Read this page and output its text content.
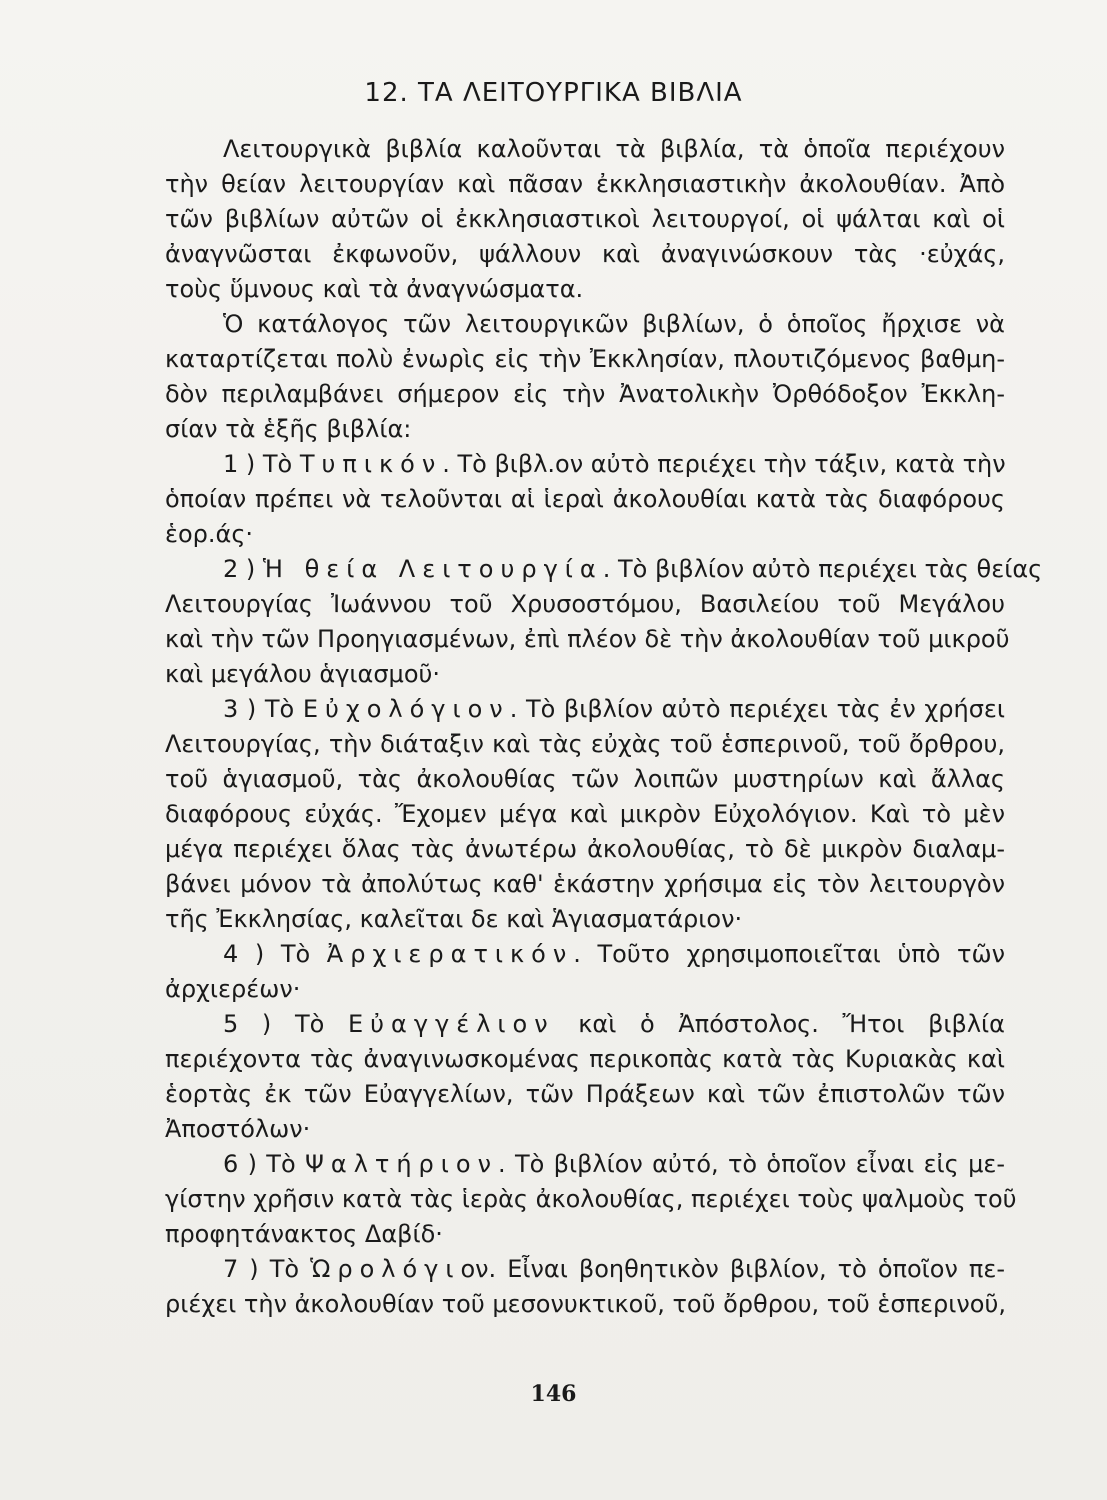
12. ΤΑ ΛΕΙΤΟΥΡΓΙΚΑ ΒΙΒΛΙΑ
Λειτουργικὰ βιβλία καλοῦνται τὰ βιβλία, τὰ ὁποῖα περιέχουν
τὴν θείαν λειτουργίαν καὶ πᾶσαν ἐκκλησιαστικὴν ἀκολουθίαν. Ἀπὸ
τῶν βιβλίων αὐτῶν οἱ ἐκκλησιαστικοὶ λειτουργοί, οἱ ψάλται καὶ οἱ
ἀναγνῶσται ἐκφωνοῦν, ψάλλουν καὶ ἀναγινώσκουν τὰς ·εὐχάς,
τοὺς ὕμνους καὶ τὰ ἀναγνώσματα.
Ὁ κατάλογος τῶν λειτουργικῶν βιβλίων, ὁ ὁποῖος ἤρχισε νὰ
καταρτίζεται πολὺ ἐνωρὶς εἰς τὴν Ἐκκλησίαν, πλουτιζόμενος βαθμη-
δὸν περιλαμβάνει σήμερον εἰς τὴν Ἀνατολικὴν Ὀρθόδοξον Ἐκκλη-
σίαν τὰ ἑξῆς βιβλία:
1 ) Τὸ Τυπικόν. Τὸ βιβλ.ον αὐτὸ περιέχει τὴν τάξιν, κατὰ τὴν
ὁποίαν πρέπει νὰ τελοῦνται αἱ ἱεραὶ ἀκολουθίαι κατὰ τὰς διαφόρους
ἑορ.άς·
2 ) Ἡ θεία Λειτουργία. Τὸ βιβλίον αὐτὸ περιέχει τὰς θείας
Λειτουργίας Ἰωάννου τοῦ Χρυσοστόμου, Βασιλείου τοῦ Μεγάλου
καὶ τὴν τῶν Προηγιασμένων, ἐπὶ πλέον δὲ τὴν ἀκολουθίαν τοῦ μικροῦ
καὶ μεγάλου ἁγιασμοῦ·
3 ) Τὸ Εὐχολόγιον. Τὸ βιβλίον αὐτὸ περιέχει τὰς ἐν χρήσει
Λειτουργίας, τὴν διάταξιν καὶ τὰς εὐχὰς τοῦ ἑσπερινοῦ, τοῦ ὄρθρου,
τοῦ ἁγιασμοῦ, τὰς ἀκολουθίας τῶν λοιπῶν μυστηρίων καὶ ἄλλας
διαφόρους εὐχάς. Ἔχομεν μέγα καὶ μικρὸν Εὐχολόγιον. Καὶ τὸ μὲν
μέγα περιέχει ὅλας τὰς ἀνωτέρω ἀκολουθίας, τὸ δὲ μικρὸν διαλαμ-
βάνει μόνον τὰ ἀπολύτως καθ' ἑκάστην χρήσιμα εἰς τὸν λειτουργὸν
τῆς Ἐκκλησίας, καλεῖται δε καὶ Ἁγιασματάριον·
4 ) Τὸ Ἀρχιερατικόν. Τοῦτο χρησιμοποιεῖται ὑπὸ τῶν
ἀρχιερέων·
5 ) Τὸ Εὐαγγέλιον καὶ ὁ Ἀπόστολος. Ἤτοι βιβλία
περιέχοντα τὰς ἀναγινωσκομένας περικοπὰς κατὰ τὰς Κυριακὰς καὶ
ἑορτὰς ἐκ τῶν Εὐαγγελίων, τῶν Πράξεων καὶ τῶν ἐπιστολῶν τῶν
Ἀποστόλων·
6 ) Τὸ Ψαλτήριον. Τὸ βιβλίον αὐτό, τὸ ὁποῖον εἶναι εἰς με-
γίστην χρῆσιν κατὰ τὰς ἱερὰς ἀκολουθίας, περιέχει τοὺς ψαλμοὺς τοῦ
προφητάνακτος Δαβίδ·
7 ) Τὸ Ὡρολόγιον. Εἶναι βοηθητικὸν βιβλίον, τὸ ὁποῖον πε-
ριέχει τὴν ἀκολουθίαν τοῦ μεσονυκτικοῦ, τοῦ ὄρθρου, τοῦ ἑσπερινοῦ,
146
